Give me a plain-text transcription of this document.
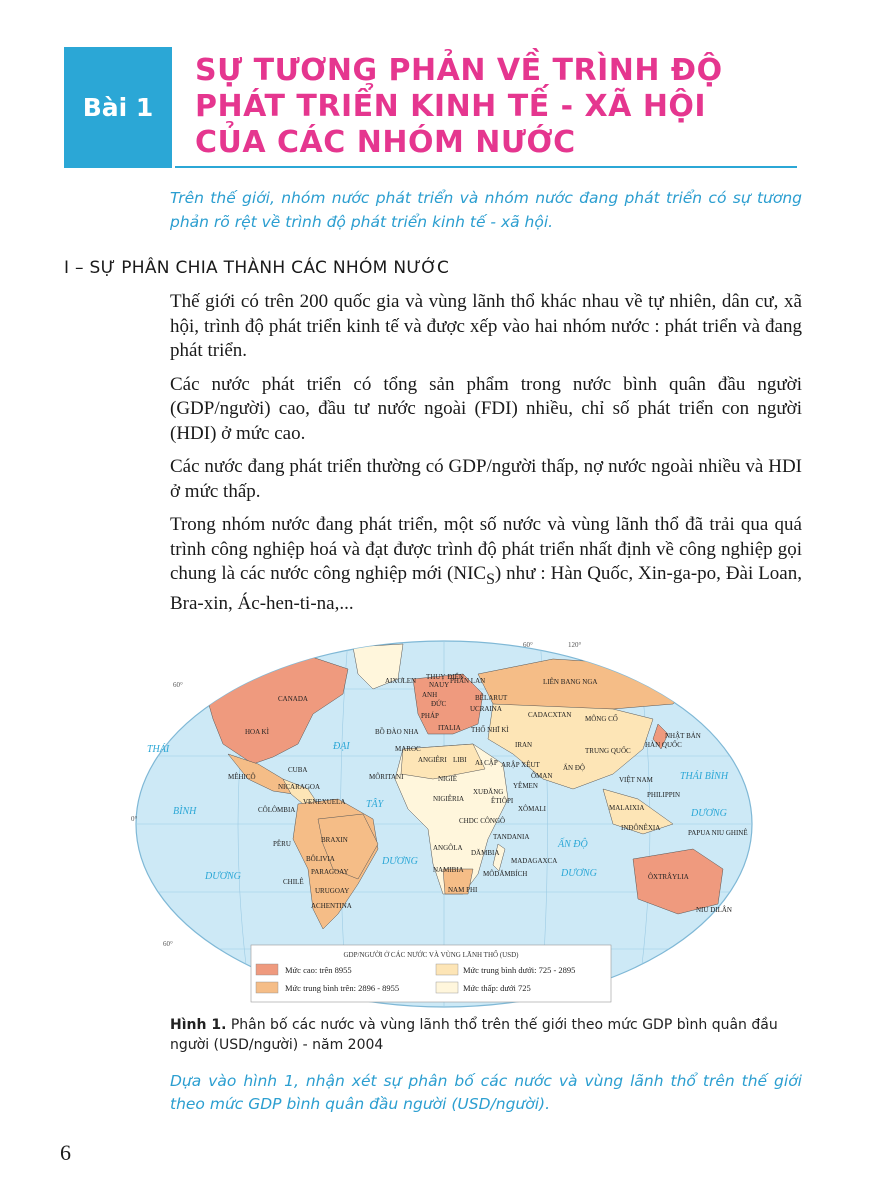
Bài 1
SỰ TƯƠNG PHẢN VỀ TRÌNH ĐỘ
PHÁT TRIỂN KINH TẾ - XÃ HỘI
CỦA CÁC NHÓM NƯỚC
Trên thế giới, nhóm nước phát triển và nhóm nước đang phát triển có sự tương phản rõ rệt về trình độ phát triển kinh tế - xã hội.
I – SỰ PHÂN CHIA THÀNH CÁC NHÓM NƯỚC

Thế giới có trên 200 quốc gia và vùng lãnh thổ khác nhau về tự nhiên, dân cư, xã hội, trình độ phát triển kinh tế và được xếp vào hai nhóm nước : phát triển và đang phát triển.

Các nước phát triển có tổng sản phẩm trong nước bình quân đầu người (GDP/người) cao, đầu tư nước ngoài (FDI) nhiều, chỉ số phát triển con người (HDI) ở mức cao.

Các nước đang phát triển thường có GDP/người thấp, nợ nước ngoài nhiều và HDI ở mức thấp.

Trong nhóm nước đang phát triển, một số nước và vùng lãnh thổ đã trải qua quá trình công nghiệp hoá và đạt được trình độ phát triển nhất định về công nghiệp gọi chung là các nước công nghiệp mới $(NIC_S)$ như : Hàn Quốc, Xin-ga-po, Đài Loan, Bra-xin, Ác-hen-ti-na,...

CANADA
HOA KÌ
MÊHICÔ
CUBA
NICARAGOA
VENEXUELA
CÔLÔMBIA
PÊRU	BRAXIN
BÔLIVIA
PARAGOAY
CHILÊ
URUGOAY
ACHENTINA
AIXƠLEN THUỴ ĐIỂN
NAUY PHẦN LAN
ANH
ĐỨC
PHÁP
BỒ ĐÀO NHA	ITALIA
BÊLARUT
UCRAINA
LIÊN BANG NGA
CADACXTAN MÔNG CỔ
THỔ NHĨ KÌ
IRAN
TRUNG QUỐC
NHẬT BẢN
HÀN QUỐC
MAROC
ANGIÊRI LIBI AI CẬP ARẬP XÊUT
ÔMAN
YÊMEN
ẤN ĐỘ
VIỆT NAM
PHILIPPIN
MALAIXIA
INĐÔNÊXIA
PAPUA NIU GHINÊ
ÔXTRÂYLIA
NIU DILÂN
MÔRITANI	NIGIÊ
XUĐĂNG
NIGIÊRIA	ÊTIÔPI
XÔMALI
CHDC CÔNGÔ
TANDANIA
ANGÔLA
DĂMBIA
NAMIBIA	MÔDĂMBÍCH
MADAGAXCA
NAM PHI
THÁI
BÌNH
DƯƠNG
ĐẠI
TÂY
DƯƠNG
ẤN ĐỘ
DƯƠNG
THÁI BÌNH
DƯƠNG
60°	120°
60°
0°
60°
GDP/NGƯỜI Ở CÁC NƯỚC VÀ VÙNG LÃNH THỔ (USD)
Mức cao: trên 8955
Mức trung bình trên: 2896 - 8955
Mức trung bình dưới: 725 - 2895
Mức thấp: dưới 725
Hình 1. Phân bố các nước và vùng lãnh thổ trên thế giới theo mức GDP bình quân đầu người (USD/người) - năm 2004
Dựa vào hình 1, nhận xét sự phân bố các nước và vùng lãnh thổ trên thế giới theo mức GDP bình quân đầu người (USD/người).
6
